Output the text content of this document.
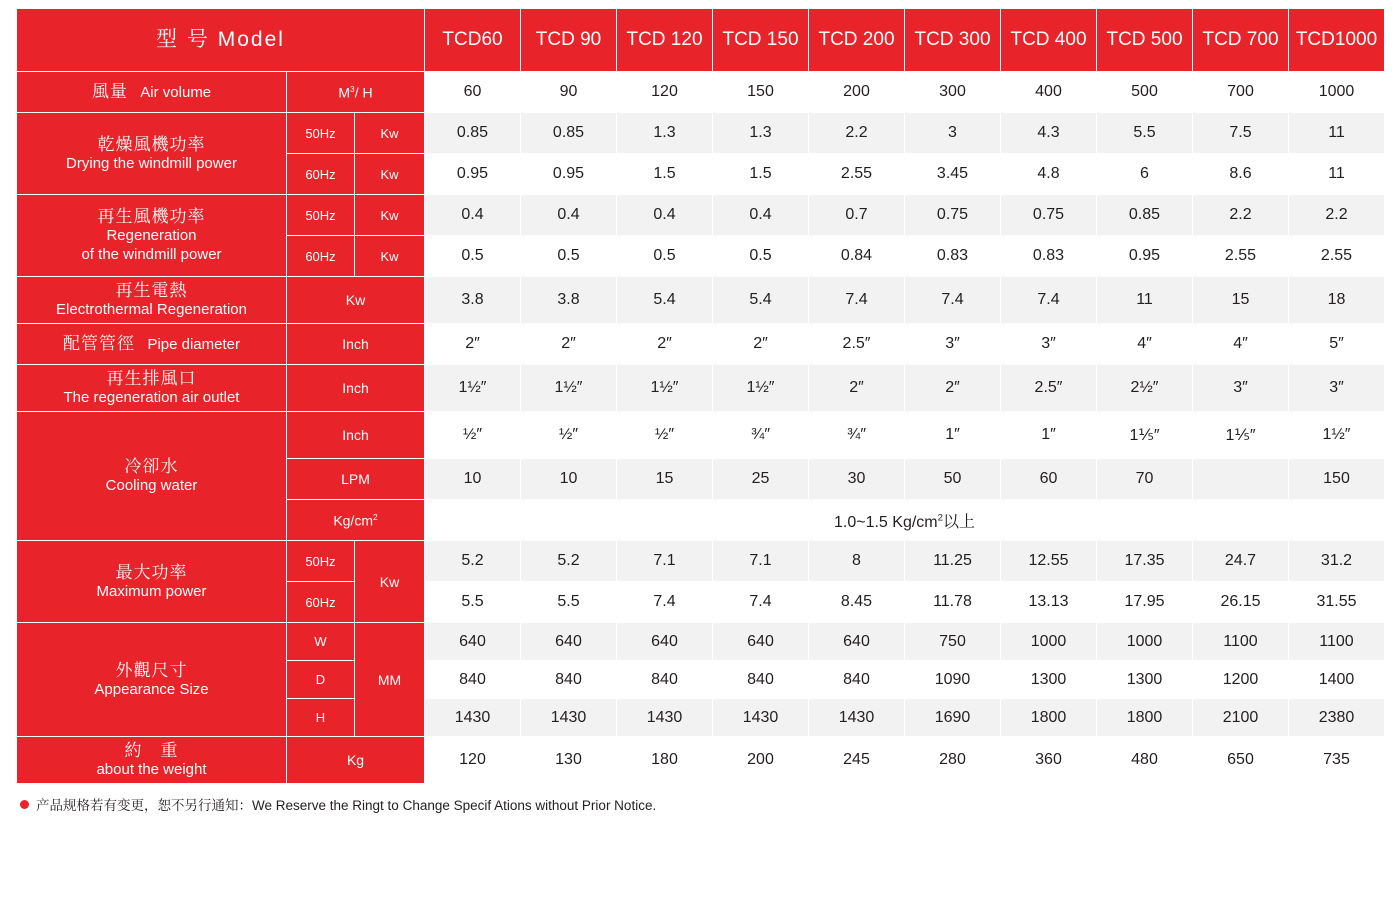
型 号 Model			TCD60	TCD 90	TCD 120	TCD 150	TCD 200	TCD 300	TCD 400	TCD 500	TCD 700	TCD1000
風量 Air volume	$M^3/$ H		60	90	120	150	200	300	400	500	700	1000

乾燥風機功率
Drying the windmill power	50Hz	Kw	0.85	0.85	1.3	1.3	2.2	3	4.3	5.5	7.5	11
	60Hz	Kw	0.95	0.95	1.5	1.5	2.55	3.45	4.8	6	8.6	11

再生風機功率
Regeneration
of the windmill power	50Hz	Kw	0.4	0.4	0.4	0.4	0.7	0.75	0.75	0.85	2.2	2.2
	60Hz	Kw	0.5	0.5	0.5	0.5	0.84	0.83	0.83	0.95	2.55	2.55

再生電熱
Electrothermal Regeneration	Kw		3.8	3.8	5.4	5.4	7.4	7.4	7.4	11	15	18
配管管徑 Pipe diameter	Inch		2″	2″	2″	2″	2.5″	3″	3″	4″	4″	5″

再生排風口
The regeneration air outlet	Inch		1½″	1½″	1½″	1½″	2″	2″	2.5″	2½″	3″	3″

冷卻水
Cooling water	Inch		½″	½″	½″	¾″	¾″	1″	1″	1⅕″	1⅕″	1½″
	LPM		10	10	15	25	30	50	60	70		150
	$Kg/cm^2$		1.0~1.5 $Kg/cm^2$以上									

最大功率
Maximum power	50Hz	Kw	5.2	5.2	7.1	7.1	8	11.25	12.55	17.35	24.7	31.2
	60Hz		5.5	5.5	7.4	7.4	8.45	11.78	13.13	17.95	26.15	31.55

外觀尺寸
Appearance Size	W	MM	640	640	640	640	640	750	1000	1000	1100	1100
	D		840	840	840	840	840	1090	1300	1300	1200	1400
	H		1430	1430	1430	1430	1430	1690	1800	1800	2100	2380

約　重
about the weight	Kg		120	130	180	200	245	280	360	480	650	735
产品规格若有变更，恕不另行通知：We Reserve the Ringt to Change Specif Ations without Prior Notice.
